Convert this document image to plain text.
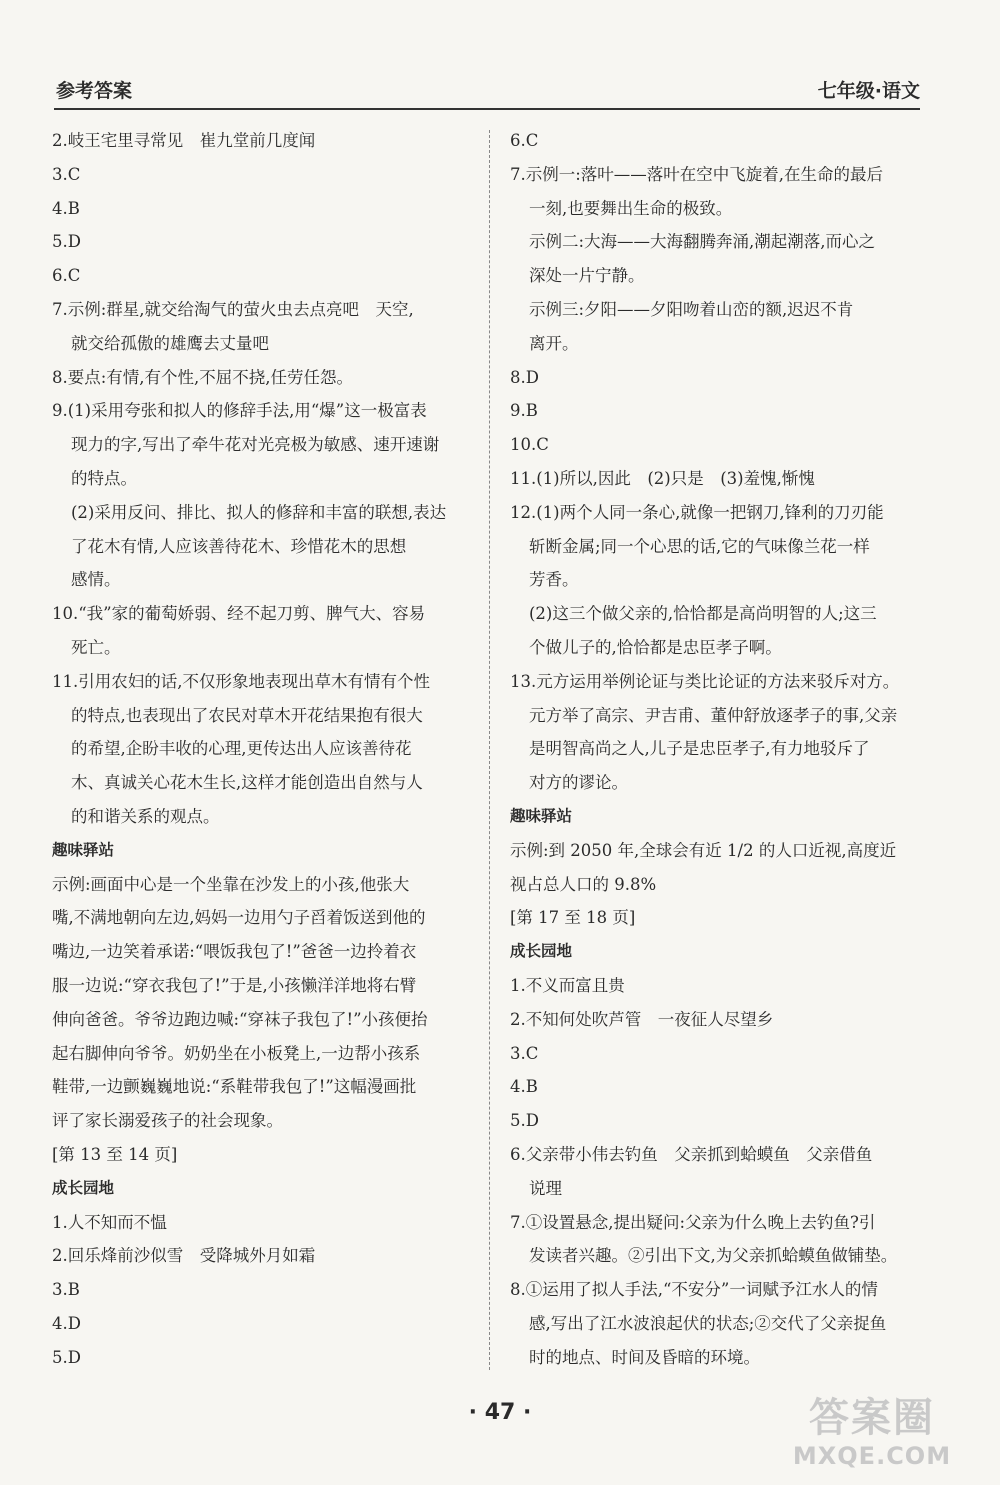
参考答案	七年级·语文
2.岐王宅里寻常见　崔九堂前几度闻
3.C
4.B
5.D
6.C
7.示例:群星,就交给淘气的萤火虫去点亮吧　天空,
就交给孤傲的雄鹰去丈量吧
8.要点:有情,有个性,不屈不挠,任劳任怨。
9.(1)采用夸张和拟人的修辞手法,用“爆”这一极富表
现力的字,写出了牵牛花对光亮极为敏感、速开速谢
的特点。
(2)采用反问、排比、拟人的修辞和丰富的联想,表达
了花木有情,人应该善待花木、珍惜花木的思想
感情。
10.“我”家的葡萄娇弱、经不起刀剪、脾气大、容易
死亡。
11.引用农妇的话,不仅形象地表现出草木有情有个性
的特点,也表现出了农民对草木开花结果抱有很大
的希望,企盼丰收的心理,更传达出人应该善待花
木、真诚关心花木生长,这样才能创造出自然与人
的和谐关系的观点。
趣味驿站
示例:画面中心是一个坐靠在沙发上的小孩,他张大
嘴,不满地朝向左边,妈妈一边用勺子舀着饭送到他的
嘴边,一边笑着承诺:“喂饭我包了!”爸爸一边拎着衣
服一边说:“穿衣我包了!”于是,小孩懒洋洋地将右臂
伸向爸爸。爷爷边跑边喊:“穿袜子我包了!”小孩便抬
起右脚伸向爷爷。奶奶坐在小板凳上,一边帮小孩系
鞋带,一边颤巍巍地说:“系鞋带我包了!”这幅漫画批
评了家长溺爱孩子的社会现象。
[第 13 至 14 页]
成长园地
1.人不知而不愠
2.回乐烽前沙似雪　受降城外月如霜
3.B
4.D
5.D
6.C
7.示例一:落叶——落叶在空中飞旋着,在生命的最后
一刻,也要舞出生命的极致。
示例二:大海——大海翻腾奔涌,潮起潮落,而心之
深处一片宁静。
示例三:夕阳——夕阳吻着山峦的额,迟迟不肯
离开。
8.D
9.B
10.C
11.(1)所以,因此　(2)只是　(3)羞愧,惭愧
12.(1)两个人同一条心,就像一把钢刀,锋利的刀刃能
斩断金属;同一个心思的话,它的气味像兰花一样
芳香。
(2)这三个做父亲的,恰恰都是高尚明智的人;这三
个做儿子的,恰恰都是忠臣孝子啊。
13.元方运用举例论证与类比论证的方法来驳斥对方。
元方举了高宗、尹吉甫、董仲舒放逐孝子的事,父亲
是明智高尚之人,儿子是忠臣孝子,有力地驳斥了
对方的谬论。
趣味驿站
示例:到 2050 年,全球会有近 1/2 的人口近视,高度近
视占总人口的 9.8%
[第 17 至 18 页]
成长园地
1.不义而富且贵
2.不知何处吹芦管　一夜征人尽望乡
3.C
4.B
5.D
6.父亲带小伟去钓鱼　父亲抓到蛤蟆鱼　父亲借鱼
说理
7.①设置悬念,提出疑问:父亲为什么晚上去钓鱼?引
发读者兴趣。②引出下文,为父亲抓蛤蟆鱼做铺垫。
8.①运用了拟人手法,“不安分”一词赋予江水人的情
感,写出了江水波浪起伏的状态;②交代了父亲捉鱼
时的地点、时间及昏暗的环境。
· 47 ·	答案圈
MXQE.COM
